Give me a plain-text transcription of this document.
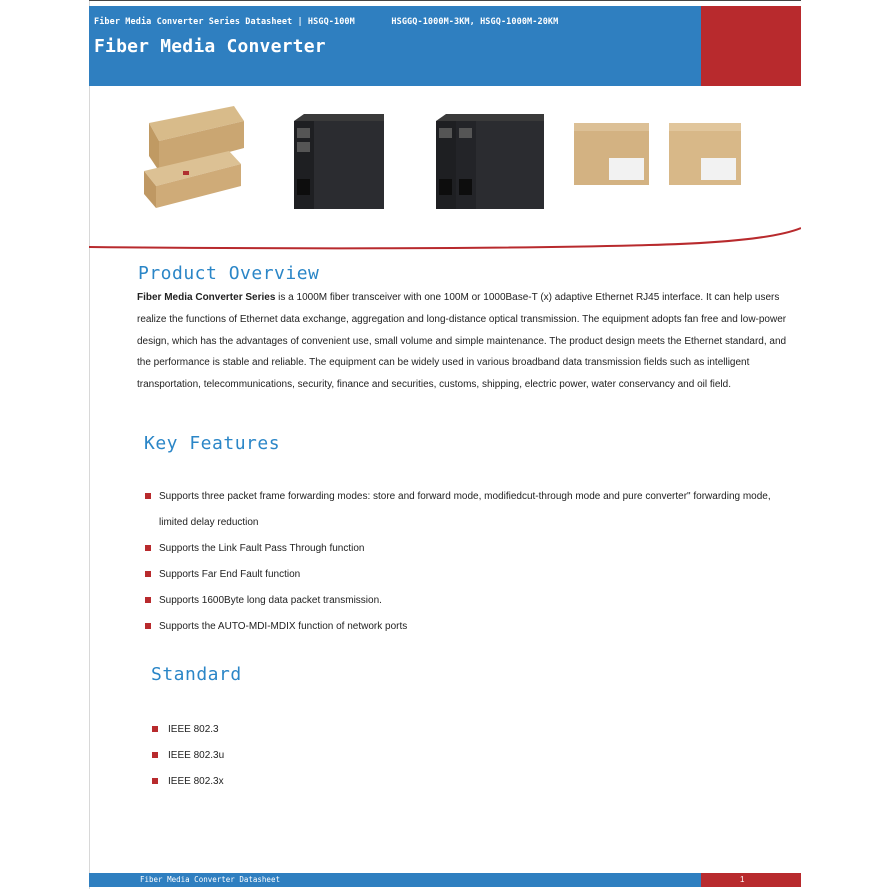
Fiber Media Converter Series Datasheet | HSGQ-100M       HSGGQ-1000M-3KM, HSGQ-1000M-20KM
Fiber Media Converter
Product Overview
Fiber Media Converter Series is a 1000M fiber transceiver with one 100M or 1000Base-T (x) adaptive Ethernet RJ45 interface. It can help users realize the functions of Ethernet data exchange, aggregation and long-distance optical transmission. The equipment adopts fan free and low-power design, which has the advantages of convenient use, small volume and simple maintenance. The product design meets the Ethernet standard, and the performance is stable and reliable. The equipment can be widely used in various broadband data transmission fields such as intelligent transportation, telecommunications, security, finance and securities, customs, shipping, electric power, water conservancy and oil field.
Key Features
Supports three packet frame forwarding modes: store and forward mode, modifiedcut-through mode and pure converter" forwarding mode, limited delay reduction
Supports the Link Fault Pass Through function
Supports Far End Fault function
Supports 1600Byte long data packet transmission.
Supports the AUTO-MDI-MDIX function of network ports
Standard
IEEE 802.3
IEEE 802.3u
IEEE 802.3x
Fiber Media Converter Datasheet	1
